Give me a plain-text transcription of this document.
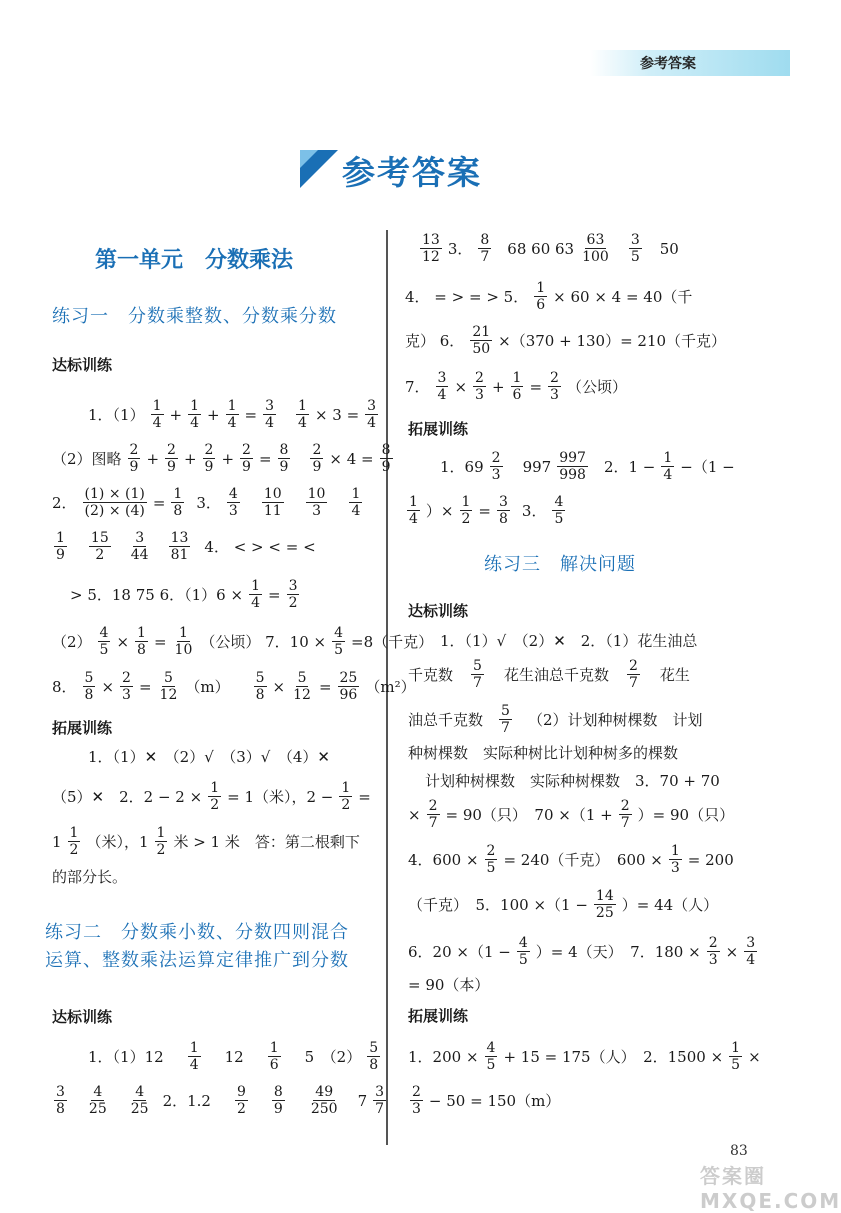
参考答案
参考答案
第一单元　分数乘法
练习一　分数乘整数、分数乘分数
达标训练
1．（1） 1
4 + 1
4 + 1
4 = 3
4
1
4 × 3 = 3
4
（2）图略 2
9 + 2
9 + 2
9 + 2
9 = 8
9
2
9 × 4 = 8
9
2． (1) × (1)
(2) × (4) = 1
8 3． 4
3
10
11
10
3
1
4
1
9
15
2
3
44
13
81 4． < > < = <
> 5．18 75 6．$(1)6 \times \frac{1}{4} = 3$
2
（2） 4
5 × 1
8 = 1
10 （公顷） 7．$10 \times \frac{4}{5} =8$（千克）
8． 5
8 × 2
3 = 5
12 （m） 5
8 × 5
12 = 25
96 （m²）
拓展训练
1．（1）✕　（2）√　（3）√　（4）✕
（5）✕　2．$2 - 2 \times \frac{1}{2} = 1$（米），$2 - \frac{1}{2}$ =
1 1
2 （米），1 1
2 米 > 1 米　答：第二根剩下
的部分长。
练习二　分数乘小数、分数四则混合
运算、整数乘法运算定律推广到分数
达标训练
1．（1）12 1
4 12 1
6 5　（2） 5
8
3
8
4
25
4
25 2．1.2 9
2
8
9
49
250 7 3
7
13
12 3． 8
7 68 60 63 63
100
3
5 50
4． = > = > 5． $\frac{1}{6} \times 60 \times 4 = 40$（千
克） 6． $\frac{21}{50} \times(370 + 130)= 210$（千克）
7． 3
4 × 2
3 + 1
6 = 2
3 （公顷）
拓展训练
1．69 2
3 997 997
998 2．$1 - \frac{1}{4} -(1$ −
1
4 ）× 1
2 = 3
8 3． 4
5
练习三　解决问题
达标训练
1．（1）√　（2）✕　2．（1）花生油总
千克数 5
7 花生油总千克数 2
7 花生
油总千克数 5
7 （2）计划种树棵数　计划
种树棵数　实际种树比计划种树多的棵数
计划种树棵数　实际种树棵数　3．70 + 70
× $\frac{2}{7} = 90$（只）　$70 \times(1 + \frac{2}{7}$ ）= 90（只）
4．$600 \times \frac{2}{5} = 240$（千克）　$600 \times \frac{1}{3} = 200$
（千克）　5．$100 \times(1 - \frac{14}{25}$ ）= 44（人）
6．$20 \times(1 - \frac{4}{5}$ ）= 4（天）　7．$180 \times \frac{2}{3} \times 3$
4
= 90（本）
拓展训练
1．$200 \times \frac{4}{5} + 15 = 175$（人）　2．$1500 \times \frac{1}{5}$ ×
2
3 − 50 = 150（m）
83
答案圈 MXQE.COM
